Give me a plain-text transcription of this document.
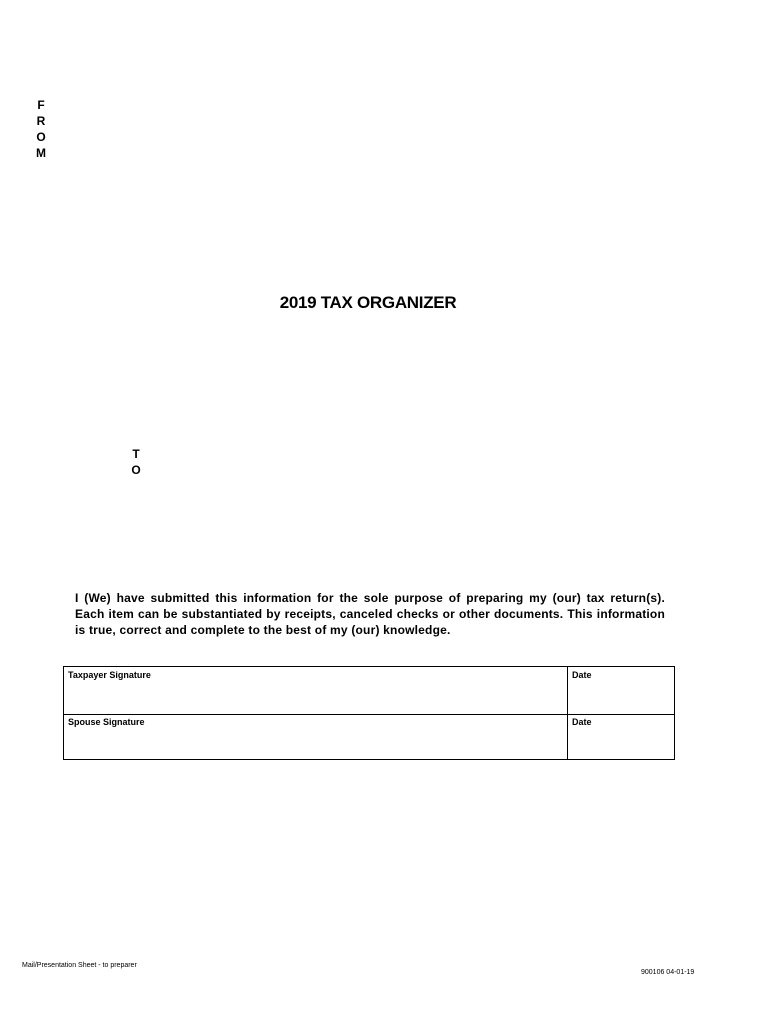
F
R
O
M
2019 TAX ORGANIZER
T
O
I (We) have submitted this information for the sole purpose of preparing my (our) tax return(s). Each item can be substantiated by receipts, canceled checks or other documents. This information is true, correct and complete to the best of my (our) knowledge.
Taxpayer Signature	Date
Spouse Signature	Date
Mail/Presentation Sheet - to preparer
900106 04-01-19
